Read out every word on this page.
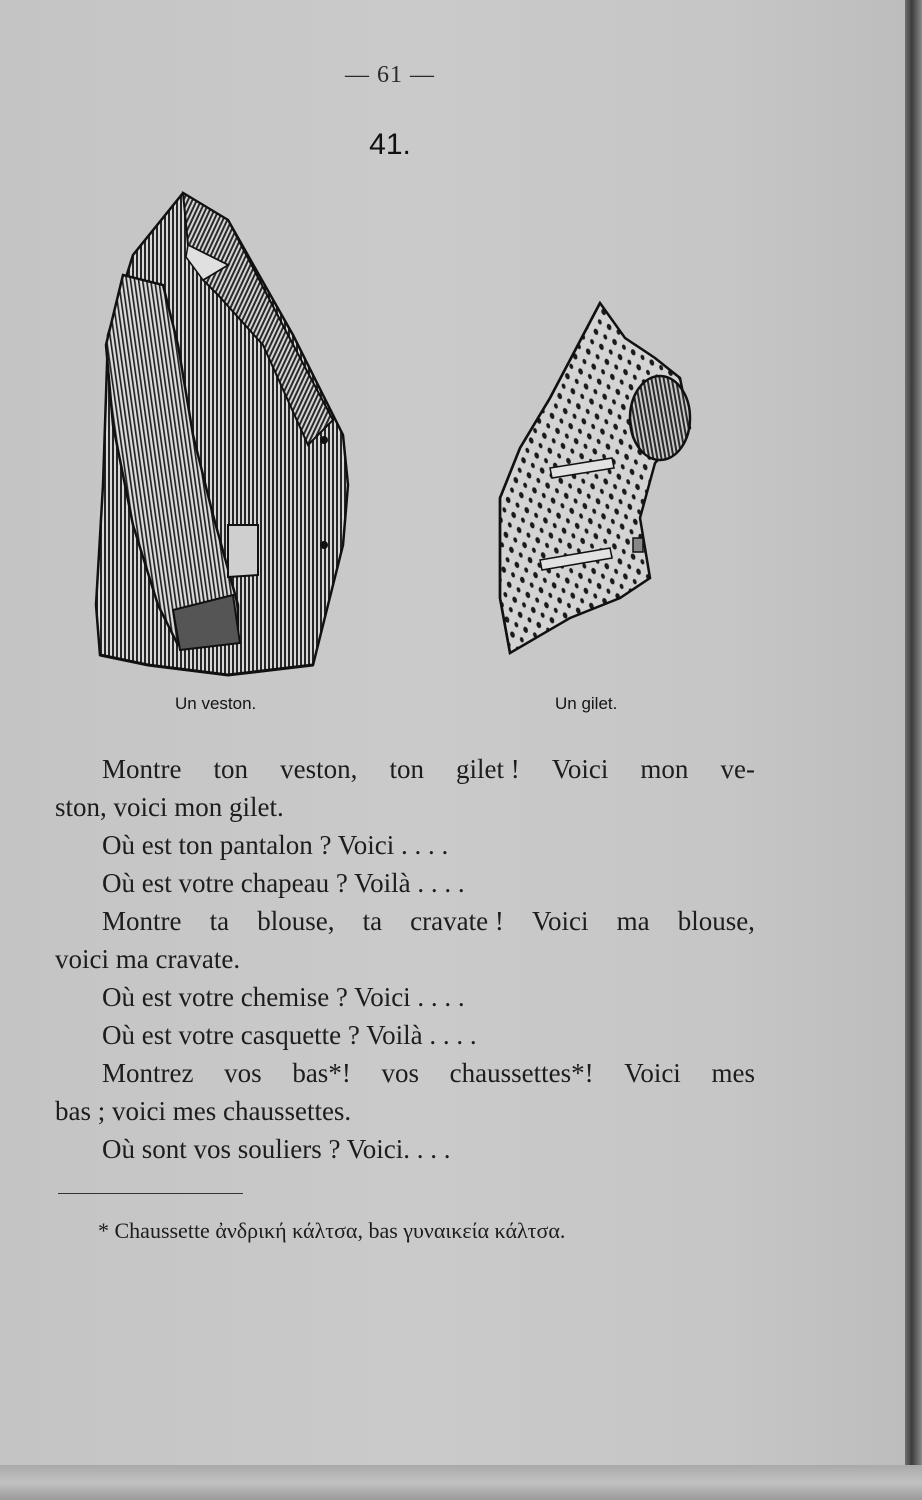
— 61 —
41.
Un veston.	Un gilet.
Montre ton veston, ton gilet ! Voici mon ve-
ston, voici mon gilet.
Où est ton pantalon ? Voici . . . .
Où est votre chapeau ? Voilà . . . .
Montre ta blouse, ta cravate ! Voici ma blouse,
voici ma cravate.
Où est votre chemise ? Voici . . . .
Où est votre casquette ? Voilà . . . .
Montrez vos bas*! vos chaussettes*! Voici mes
bas ; voici mes chaussettes.
Où sont vos souliers ? Voici. . . .
* Chaussette ἀνδρική κάλτσα, bas γυναικεία κάλτσα.
